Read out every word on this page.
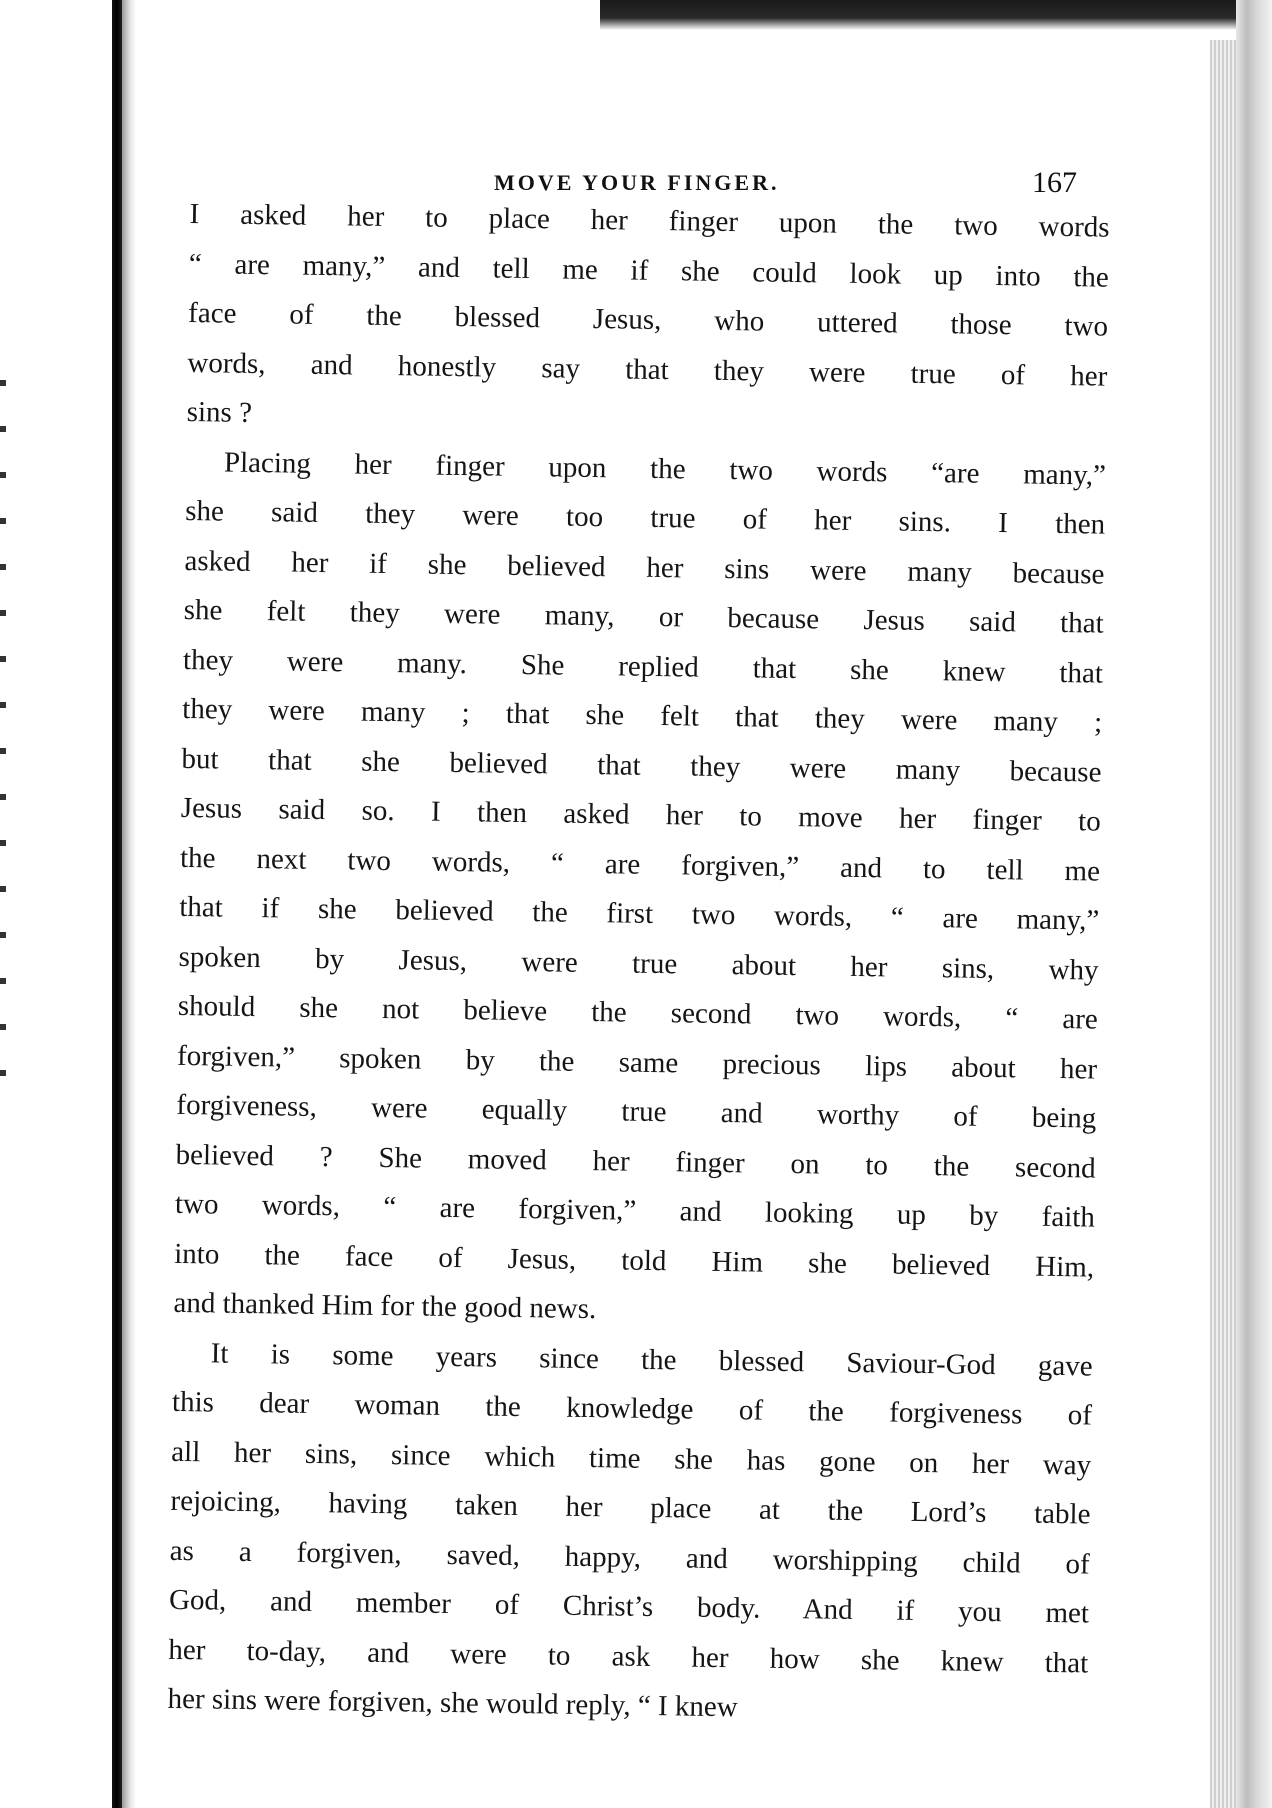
MOVE YOUR FINGER.	167
I asked her to place her finger upon the two words
“ are many,” and tell me if she could look up into the
face of the blessed Jesus, who uttered those two
words, and honestly say that they were true of her
sins ?
Placing her finger upon the two words “are many,”
she said they were too true of her sins. I then
asked her if she believed her sins were many because
she felt they were many, or because Jesus said that
they were many. She replied that she knew that
they were many ; that she felt that they were many ;
but that she believed that they were many because
Jesus said so. I then asked her to move her finger to
the next two words, “ are forgiven,” and to tell me
that if she believed the first two words, “ are many,”
spoken by Jesus, were true about her sins, why
should she not believe the second two words, “ are
forgiven,” spoken by the same precious lips about her
forgiveness, were equally true and worthy of being
believed ? She moved her finger on to the second
two words, “ are forgiven,” and looking up by faith
into the face of Jesus, told Him she believed Him,
and thanked Him for the good news.
It is some years since the blessed Saviour-God gave
this dear woman the knowledge of the forgiveness of
all her sins, since which time she has gone on her way
rejoicing, having taken her place at the Lord’s table
as a forgiven, saved, happy, and worshipping child of
God, and member of Christ’s body. And if you met
her to-day, and were to ask her how she knew that
her sins were forgiven, she would reply, “ I knew
